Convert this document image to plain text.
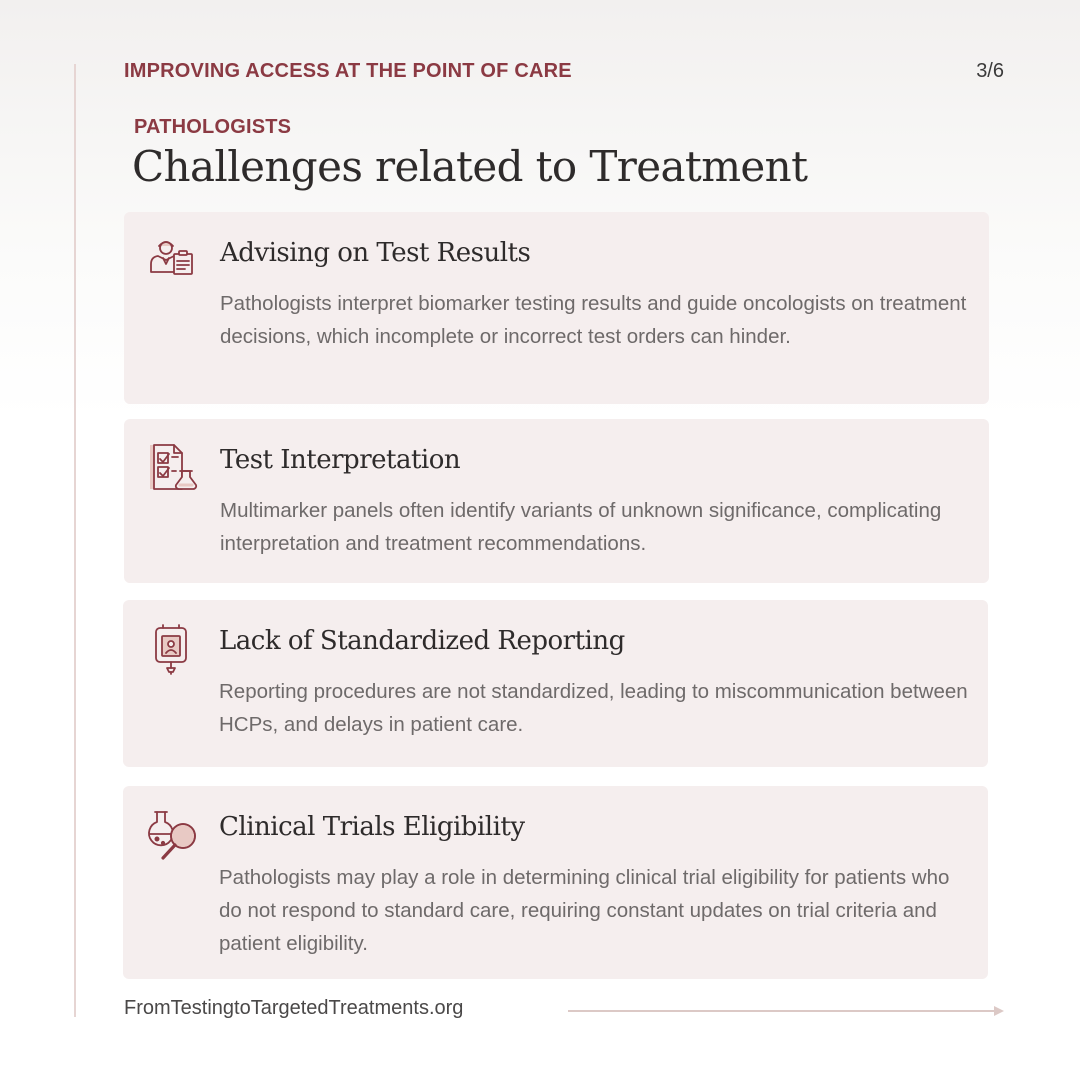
IMPROVING ACCESS AT THE POINT OF CARE	3/6
PATHOLOGISTS
Challenges related to Treatment
Advising on Test Results

Pathologists interpret biomarker testing results and guide oncologists on treatment decisions, which incomplete or incorrect test orders can hinder.

Test Interpretation

Multimarker panels often identify variants of unknown significance, complicating interpretation and treatment recommendations.

Lack of Standardized Reporting

Reporting procedures are not standardized, leading to miscommunication between HCPs, and delays in patient care.

Clinical Trials Eligibility

Pathologists may play a role in determining clinical trial eligibility for patients who do not respond to standard care, requiring constant updates on trial criteria and patient eligibility.

FromTestingtoTargetedTreatments.org
